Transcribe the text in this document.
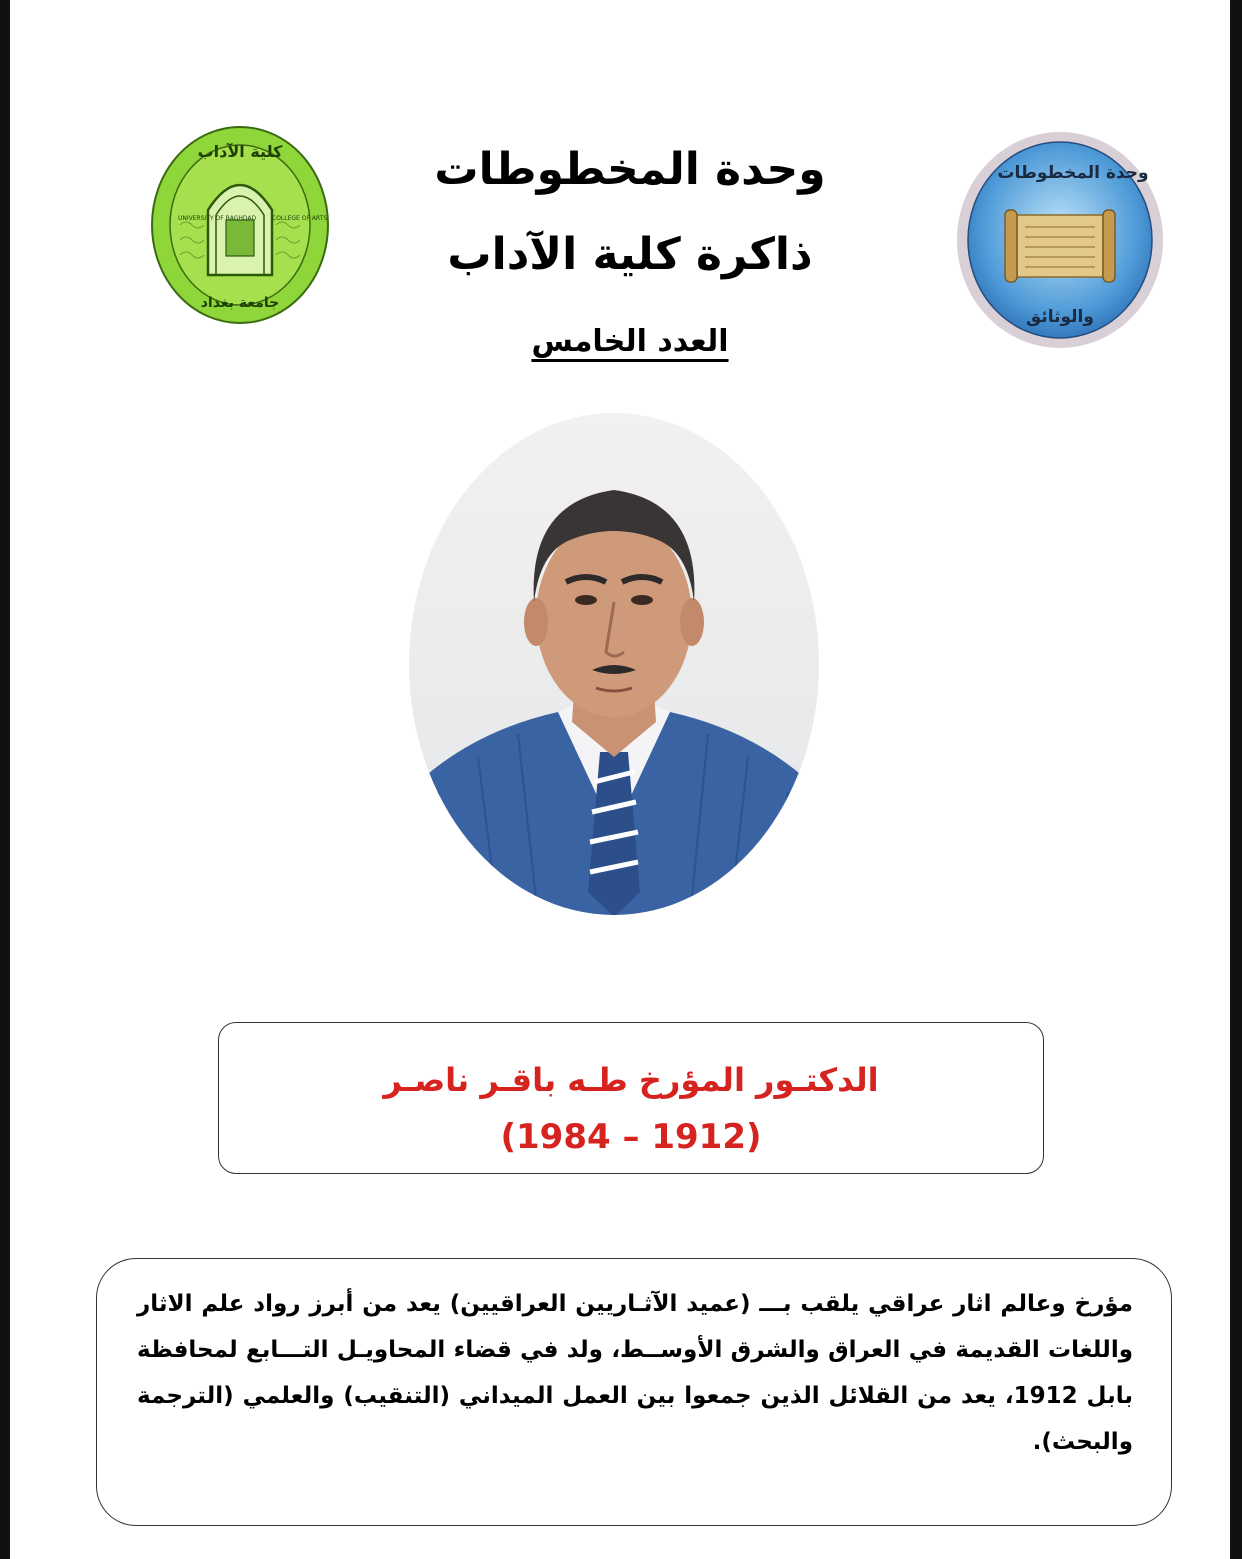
UNIVERSITY OF BAGHDAD	COLLEGE OF ARTS
كلية الآداب
جامعة بغداد
وحدة المخطوطات
ذاكرة كلية الآداب
العدد الخامس
وحدة المخطوطات
والوثائق

الدكتـور المؤرخ طـه باقـر ناصـر

(1912 – 1984)

مؤرخ وعالم اثار عراقي يلقب بـــ (عميد الآثـاريين العراقيين) يعد من أبرز رواد علم الاثار واللغات القديمة في العراق والشرق الأوســط، ولد في قضاء المحاويـل التـــابع لمحافظة بابل 1912، يعد من القلائل الذين جمعوا بين العمل الميداني (التنقيب) والعلمي (الترجمة والبحث).
